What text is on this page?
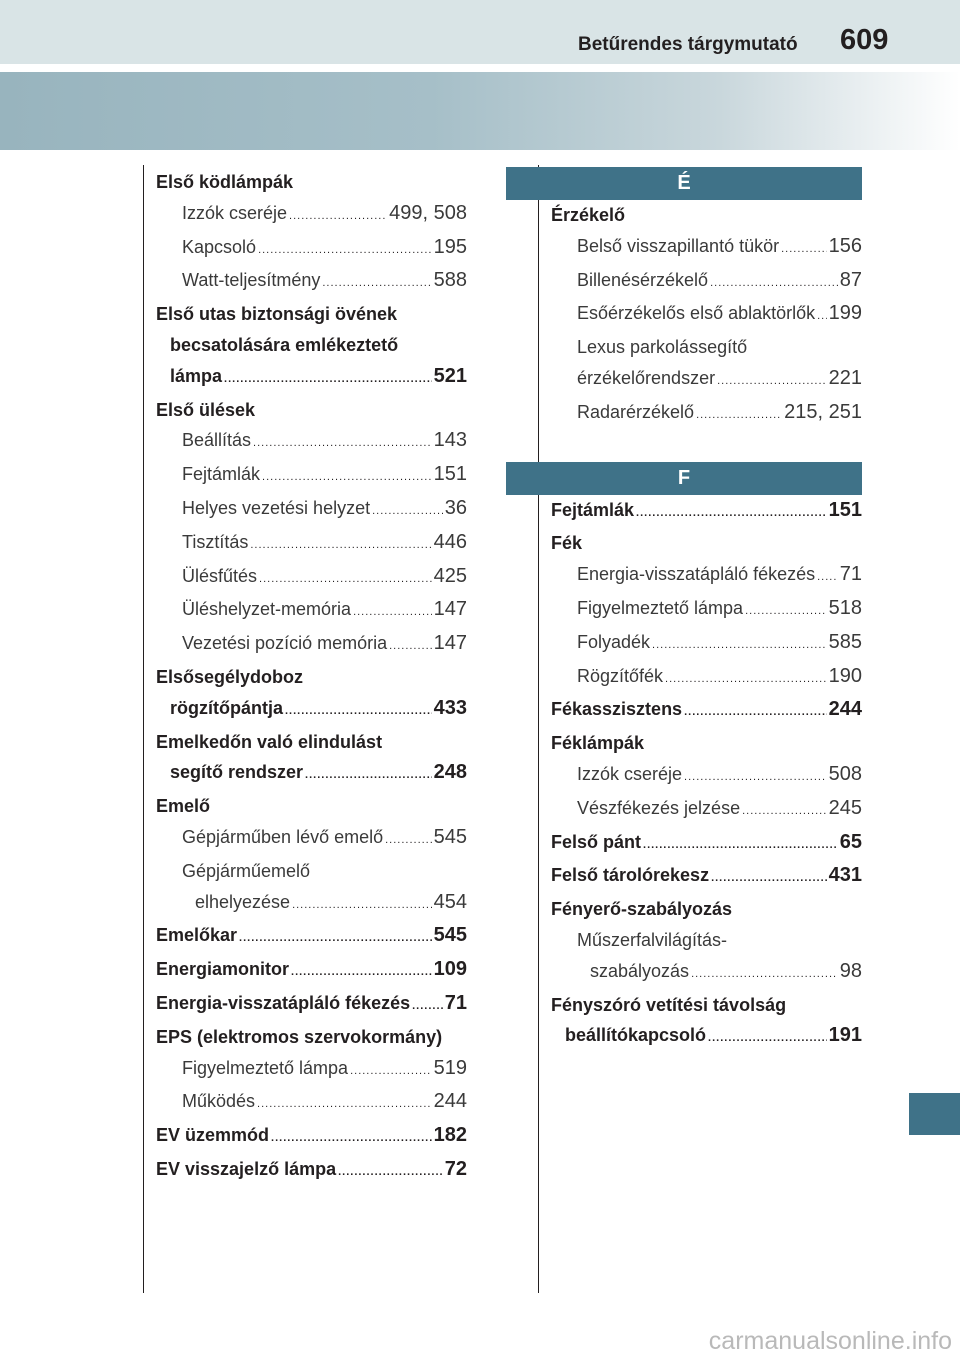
Betűrendes tárgymutató 609
Első ködlámpák
Izzók cseréje .....	499, 508
Kapcsoló .....	195
Watt-teljesítmény .....	588
Első utas biztonsági övének
becsatolására emlékeztető
lámpa .....	521
Első ülések
Beállítás .....	143
Fejtámlák .....	151
Helyes vezetési helyzet .....	36
Tisztítás .....	446
Ülésfűtés .....	425
Üléshelyzet-memória .....	147
Vezetési pozíció memória ..... 147
Elsősegélydoboz
rögzítőpántja .....	433
Emelkedőn való elindulást
segítő rendszer .....	248
Emelő
Gépjárműben lévő emelő .....	545
Gépjárműemelő
elhelyezése .....	454
Emelőkar .....	545
Energiamonitor .....	109
Energia-visszatápláló fékezés ..... 71
EPS (elektromos szervokormány)
Figyelmeztető lámpa .....	519
Működés .....	244
EV üzemmód .....	182
EV visszajelző lámpa .....	72
É
Érzékelő
Belső visszapillantó tükör ..... 156
Billenésérzékelő .....	87
Esőérzékelős első ablaktörlők ..... 199
Lexus parkolássegítő
érzékelőrendszer .....	221
Radarérzékelő .....	215, 251
F
Fejtámlák .....	151
Fék
Energia-visszatápláló fékezés ..... 71
Figyelmeztető lámpa .....	518
Folyadék .....	585
Rögzítőfék .....	190
Fékasszisztens .....	244
Féklámpák
Izzók cseréje .....	508
Vészfékezés jelzése .....	245
Felső pánt .....	65
Felső tárolórekesz .....	431
Fényerő-szabályozás
Műszerfalvilágítás-
szabályozás .....	98
Fényszóró vetítési távolság
beállítókapcsoló .....	191
carmanualsonline.info
